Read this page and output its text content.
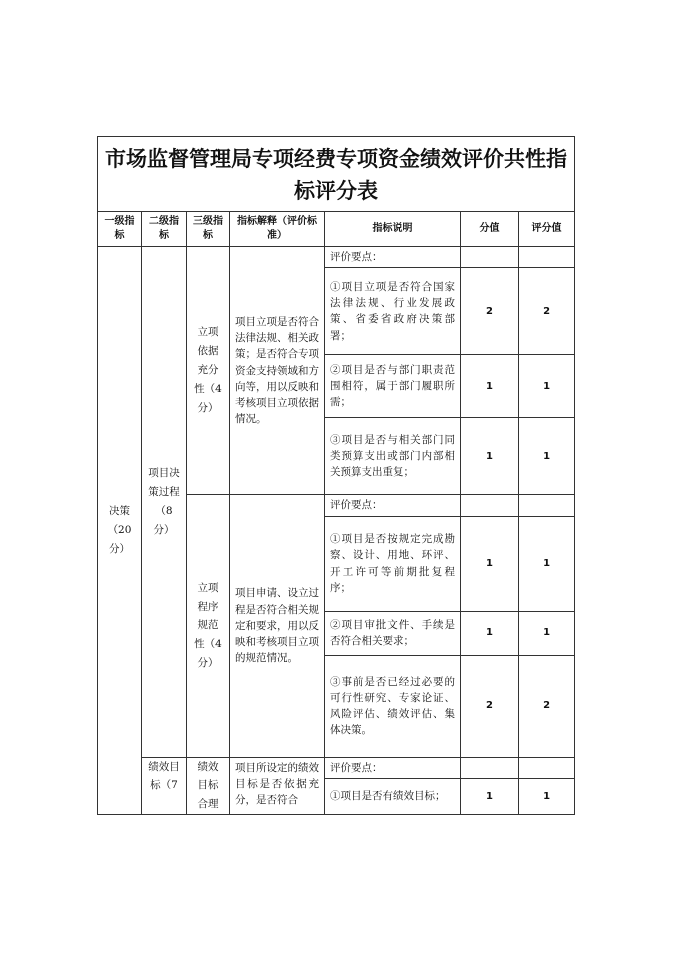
市场监督管理局专项经费专项资金绩效评价共性指标评分表						
一级指标	二级指标	三级指标	指标解释（评价标准）	指标说明	分值	评分值
决策（20分）	项目决策过程（8分）	立项依据充分性（4分）	项目立项是否符合法律法规、相关政策；是否符合专项资金支持领域和方向等，用以反映和考核项目立项依据情况。	评价要点：		
				①项目立项是否符合国家法律法规、行业发展政策、省委省政府决策部署；	2	2
				②项目是否与部门职责范围相符，属于部门履职所需；	1	1
				③项目是否与相关部门同类预算支出或部门内部相关预算支出重复；	1	1
		立项程序规范性（4分）	项目申请、设立过程是否符合相关规定和要求，用以反映和考核项目立项的规范情况。	评价要点：		
				①项目是否按规定完成勘察、设计、用地、环评、开工许可等前期批复程序；	1	1
				②项目审批文件、手续是否符合相关要求；	1	1
				③事前是否已经过必要的可行性研究、专家论证、风险评估、绩效评估、集体决策。	2	2
	绩效目标（7	绩效目标合理	项目所设定的绩效目标是否依据充分，是否符合	评价要点：		
				①项目是否有绩效目标；	1	1
